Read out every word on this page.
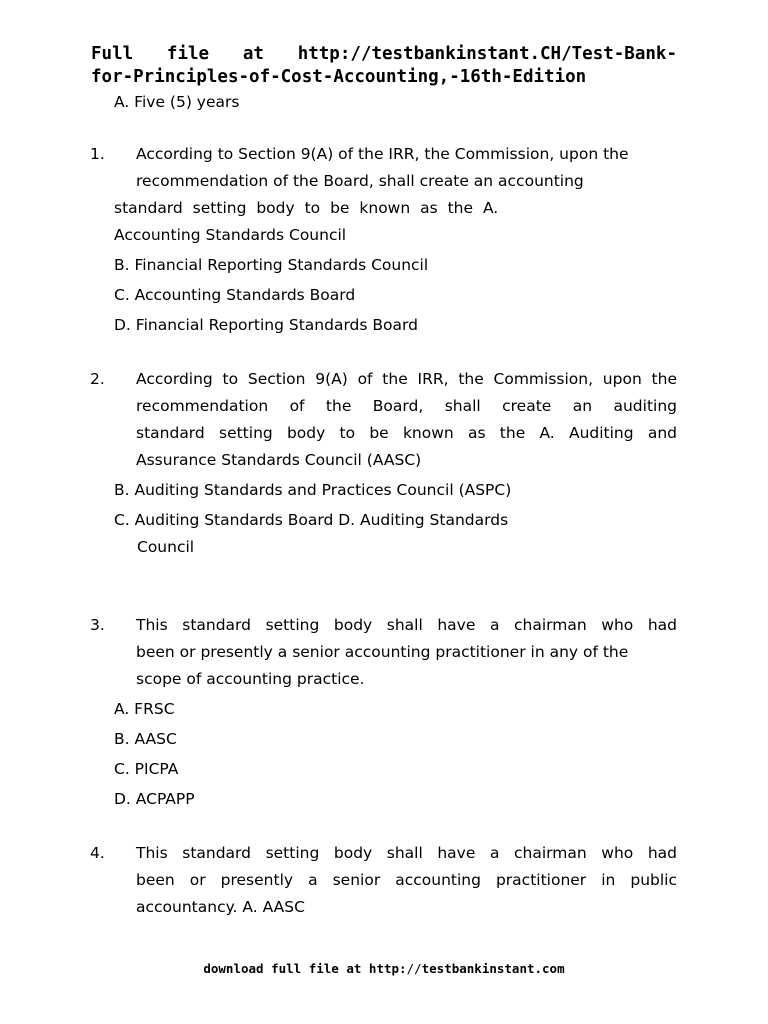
Full file at http://testbankinstant.CH/Test-Bank-
for-Principles-of-Cost-Accounting,-16th-Edition
A. Five (5) years
1. According to Section 9(A) of the IRR, the Commission, upon the
recommendation of the Board, shall create an accounting
standard setting body to be known as the A.
Accounting Standards Council
B. Financial Reporting Standards Council
C. Accounting Standards Board
D. Financial Reporting Standards Board
2. According to Section 9(A) of the IRR, the Commission, upon the
recommendation of the Board, shall create an auditing
standard setting body to be known as the A. Auditing and
Assurance Standards Council (AASC)
B. Auditing Standards and Practices Council (ASPC)
C. Auditing Standards Board D. Auditing Standards
Council
3. This standard setting body shall have a chairman who had
been or presently a senior accounting practitioner in any of the
scope of accounting practice.
A. FRSC
B. AASC
C. PICPA
D. ACPAPP
4. This standard setting body shall have a chairman who had
been or presently a senior accounting practitioner in public
accountancy. A. AASC
download full file at http://testbankinstant.com
